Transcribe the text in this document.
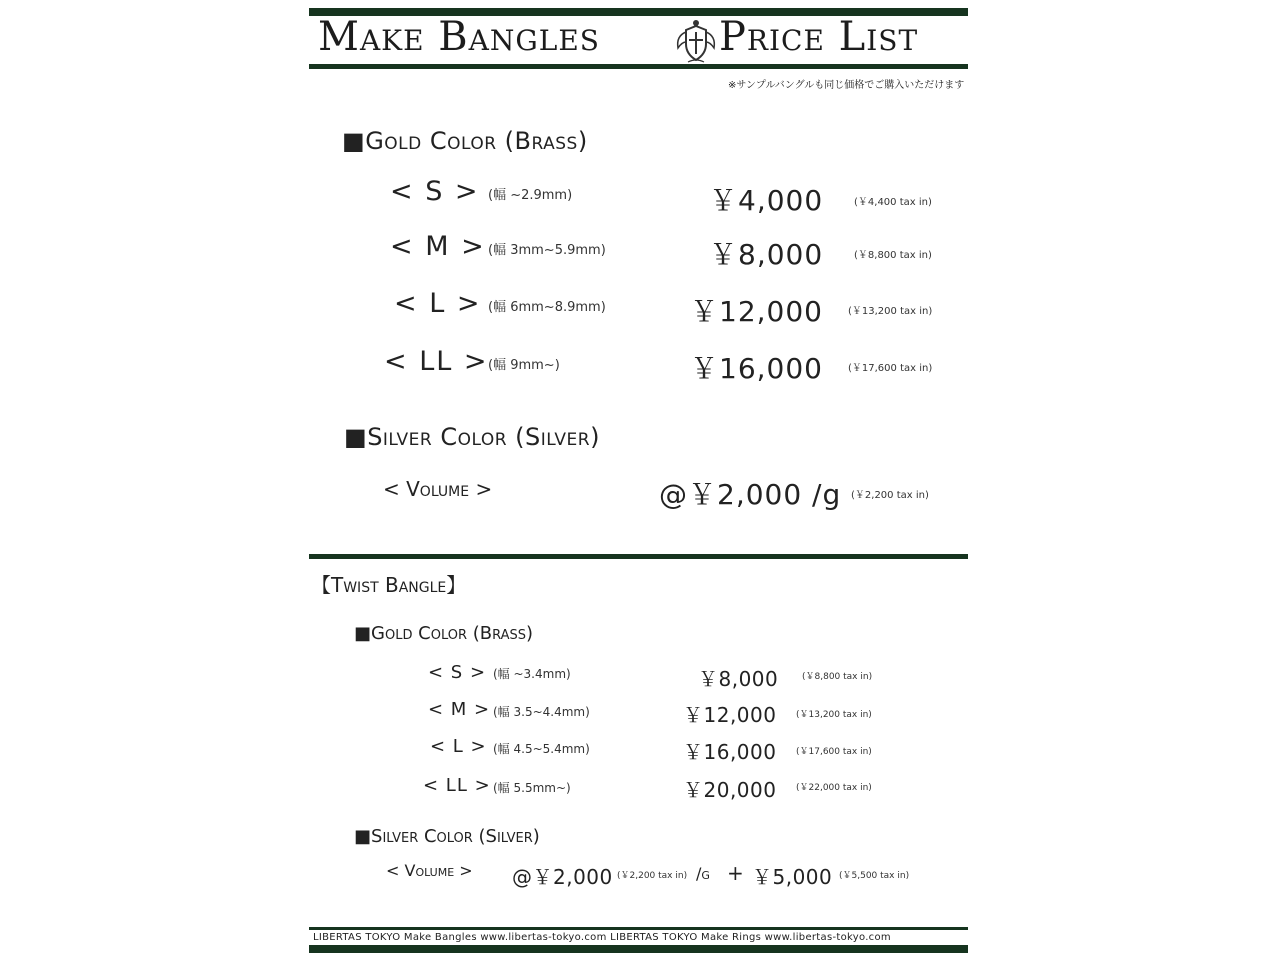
Make Bangles	Price List
※サンプルバングルも同じ価格でご購入いただけます
■Gold Color (Brass)
< S > (幅 ~2.9mm)	￥4,000	(￥4,400 tax in)
< M > (幅 3mm~5.9mm)	￥8,000	(￥8,800 tax in)
< L > (幅 6mm~8.9mm)	￥12,000	(￥13,200 tax in)
< LL > (幅 9mm~)	￥16,000	(￥17,600 tax in)
■Silver Color (Silver)
< Volume >	@￥2,000 /g (￥2,200 tax in)
【Twist Bangle】
■Gold Color (Brass)
< S > (幅 ~3.4mm)	￥8,000	(￥8,800 tax in)
< M > (幅 3.5~4.4mm)	￥12,000 (￥13,200 tax in)
< L > (幅 4.5~5.4mm)	￥16,000 (￥17,600 tax in)
< LL > (幅 5.5mm~)	￥20,000 (￥22,000 tax in)
■Silver Color (Silver)
< Volume > @￥2,000 (￥2,200 tax in) /g + ￥5,000 (￥5,500 tax in)
LIBERTAS TOKYO Make Bangles www.libertas-tokyo.com LIBERTAS TOKYO Make Rings www.libertas-tokyo.com
